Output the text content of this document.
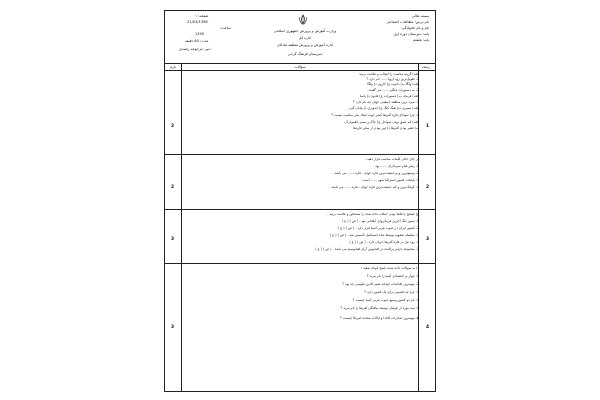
بسمه تعالی
نام درس: مطالعات اجتماعی
نام و نام خانوادگی:
پایه: دبیرستان دوره اول
پایه: هشتم
وزارت آموزش و پرورش جمهوری اسلامی
اداره کل
اداره آموزش و پرورش منطقه تبادکان
دبیرستان فرهنگ گرجی
صفحه: ۱
21/03/1398
ساعت:
1300
مدت: 60 دقیقه
دبیر: مرجوعه رشیدی
ردیف
سوالات
بارم
1
2
الف) گزینه مناسب را انتخاب و علامت بزنید:
1- طویل‌ترین رود اروپا ...... نام دارد ؟
الف) ولگا ب) دانوب ج) کارون د) ولگا
2- به دستورات چنگیز ...... می گفتند .
الف) فرمان ب) دستورات ج) قانون د) یاسا
3- سرد ترین منطقه جمعیتی جهان چه نام دارد ؟
الف) سیبری ب) هنگ کنگ ج) اندونزی د) بیابان گبی
4- چرا سواحل قاره آفریقا کمتر جهت ایجاد بندر مناسب نیست ؟
الف) کم عمق بودن سواحل ج) خاک و بستر ناهموار آن
ب) فقیر بودن آفریقا د) دور بودن از سایر قاره‌ها
2
2
در جای خالی کلمات مناسب قرار دهید .
1- رهبر قیام سربداران ...... بود .
2- وسیع‌ترین و پرجمعیت‌ترین قاره جهان ، قاره ...... می باشد .
3- پایتخت کشور استرالیا شهر ...... است .
4- کوچک‌ترین و کم جمعیت‌ترین قاره جهان ، قاره ...... می باشد .
3
3
ج) صحیح یا غلط بودن جملات داده شده را مشخص و علامت بزنید .
1- تیمور لنگ آخرین فرمانروای ایلخانی بود . ( ص ) ( غ )
2- کشور ایران در جنوب غربی آسیا قرار دارد . ( ص ) ( غ )
3- سلسله صفویه توسط شاه اسماعیل تأسیس شد . ( ص ) ( غ )
4- رود نیل در قاره آفریقا جریان دارد . ( ص ) ( غ )
5- مجموعه جزایر پراکنده در اقیانوس آرام اقیانوسیه می باشد . ( ص ) ( غ )
4
3
د) به سوالات داده شده پاسخ کوتاه بدهید :
1- چهار بر اقتصادی آسیا را نام ببرید ؟
2- مهمترین اقدامات خواجه نصیر الدین طوسی چه بود ؟
3- چرا چه اهمیتی برای یک کشور دارد ؟
4- نام دو کشور وسیع جنوب غربی آسیا چیست ؟
5- سه مورد از عوامل توسعه نیافتگی آفریقا را نام ببرید ؟
6- مهمترین صادرات کانادا و ایالات متحده امریکا چیست ؟
